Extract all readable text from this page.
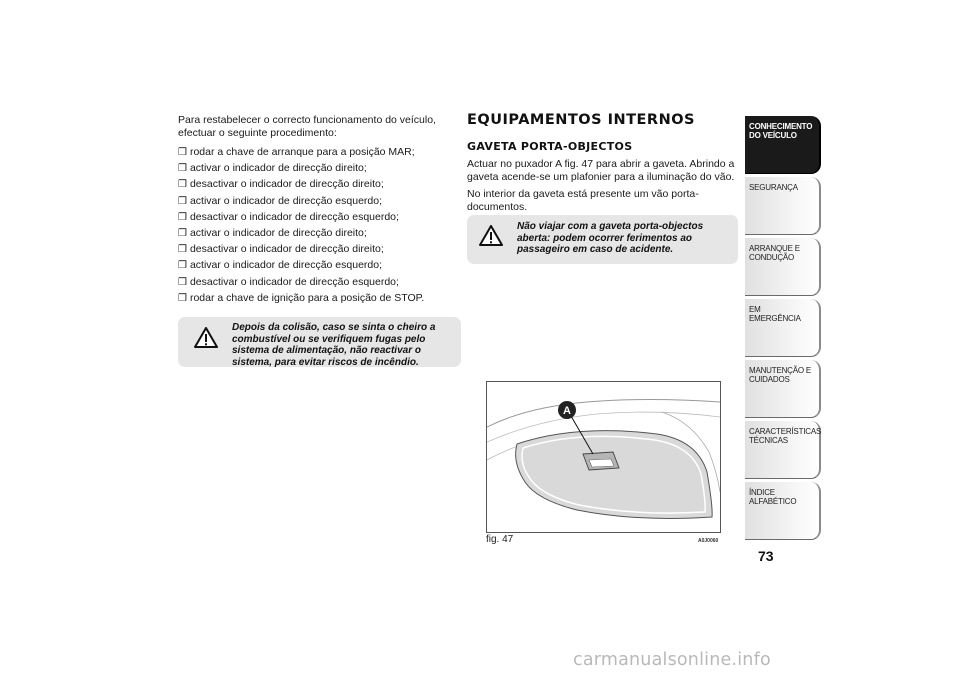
Para restabelecer o correcto funcionamento do veículo, efectuar o seguinte procedimento:

❒ rodar a chave de arranque para a posição MAR;

❒ activar o indicador de direcção direito;

❒ desactivar o indicador de direcção direito;

❒ activar o indicador de direcção esquerdo;

❒ desactivar o indicador de direcção esquerdo;

❒ activar o indicador de direcção direito;

❒ desactivar o indicador de direcção direito;

❒ activar o indicador de direcção esquerdo;

❒ desactivar o indicador de direcção esquerdo;

❒ rodar a chave de ignição para a posição de STOP.

Depois da colisão, caso se sinta o cheiro a combustível ou se verifiquem fugas pelo sistema de alimentação, não reactivar o sistema, para evitar riscos de incêndio.
EQUIPAMENTOS INTERNOS
GAVETA PORTA-OBJECTOS

Actuar no puxador A fig. 47 para abrir a gaveta. Abrindo a gaveta acende-se um plafonier para a iluminação do vão.

No interior da gaveta está presente um vão porta-documentos.

Não viajar com a gaveta porta-objectos aberta: podem ocorrer ferimentos ao passageiro em caso de acidente.
A
fig. 47	A0J0060
CONHECIMENTO DO VEÍCULO
SEGURANÇA
ARRANQUE E CONDUÇÃO
EM EMERGÊNCIA
MANUTENÇÃO E CUIDADOS
CARACTERÍSTICAS TÉCNICAS
ÍNDICE ALFABÉTICO
73
carmanualsonline.info
